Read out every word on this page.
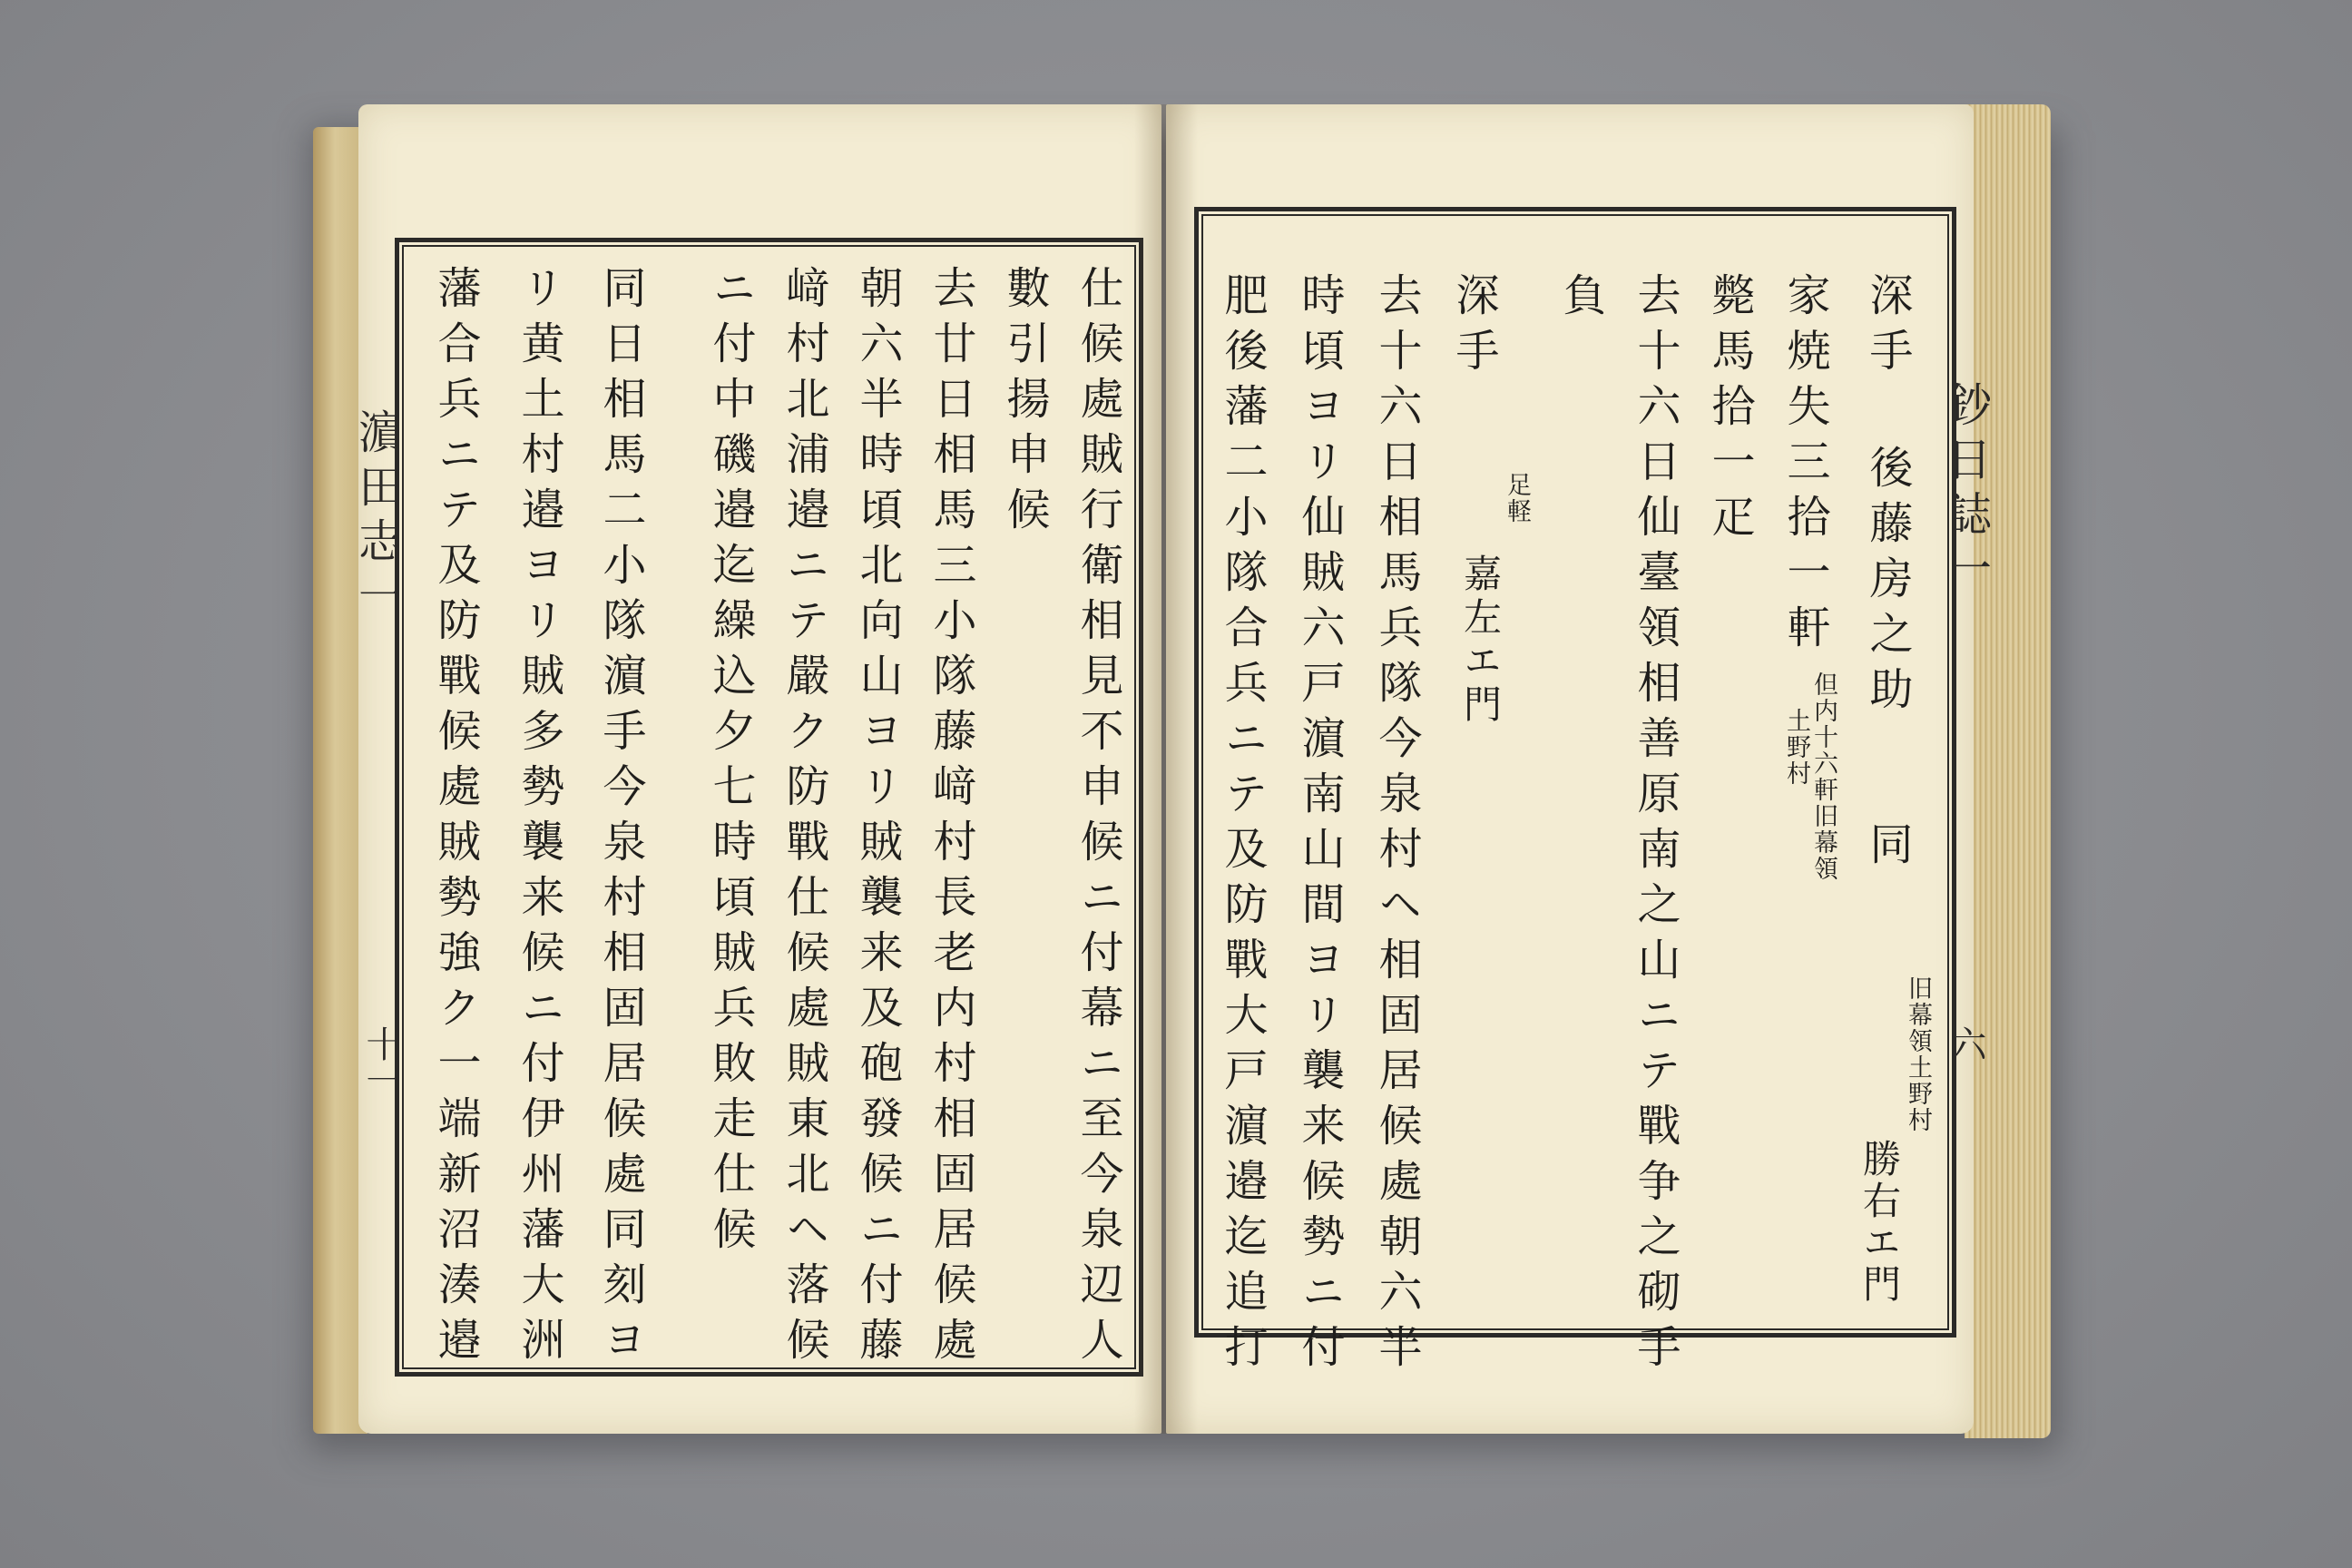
濵田志一
十一	仕候處賊行衛相見不申候ニ付幕ニ至今泉辺人
數引揚申候
去廿日相馬三小隊藤﨑村長老内村相固居候處
朝六半時頃北向山ヨリ賊襲来及砲發候ニ付藤
﨑村北浦邉ニテ嚴ク防戰仕候處賊東北ヘ落候
ニ付中磯邉迄繰込夕七時頃賊兵敗走仕候
同日相馬二小隊濵手今泉村相固居候處同刻ヨ
リ黄土村邉ヨリ賊多勢襲来候ニ付伊州藩大洲
藩合兵ニテ及防戰候處賊勢強ク一端新沼湊邉	鈔日誌一
六
深手
後藤房之助
同
家焼失三拾一軒
但内十六軒旧幕領
土野村
斃馬拾一疋
去十六日仙臺領相善原南之山ニテ戰争之砌手
負
深手
足軽
嘉左エ門
去十六日相馬兵隊今泉村ヘ相固居候處朝六半
時頃ヨリ仙賊六戸濵南山間ヨリ襲来候勢ニ付
肥後藩二小隊合兵ニテ及防戰大戸濵邉迄追打	旧幕領土野村
勝右エ門
